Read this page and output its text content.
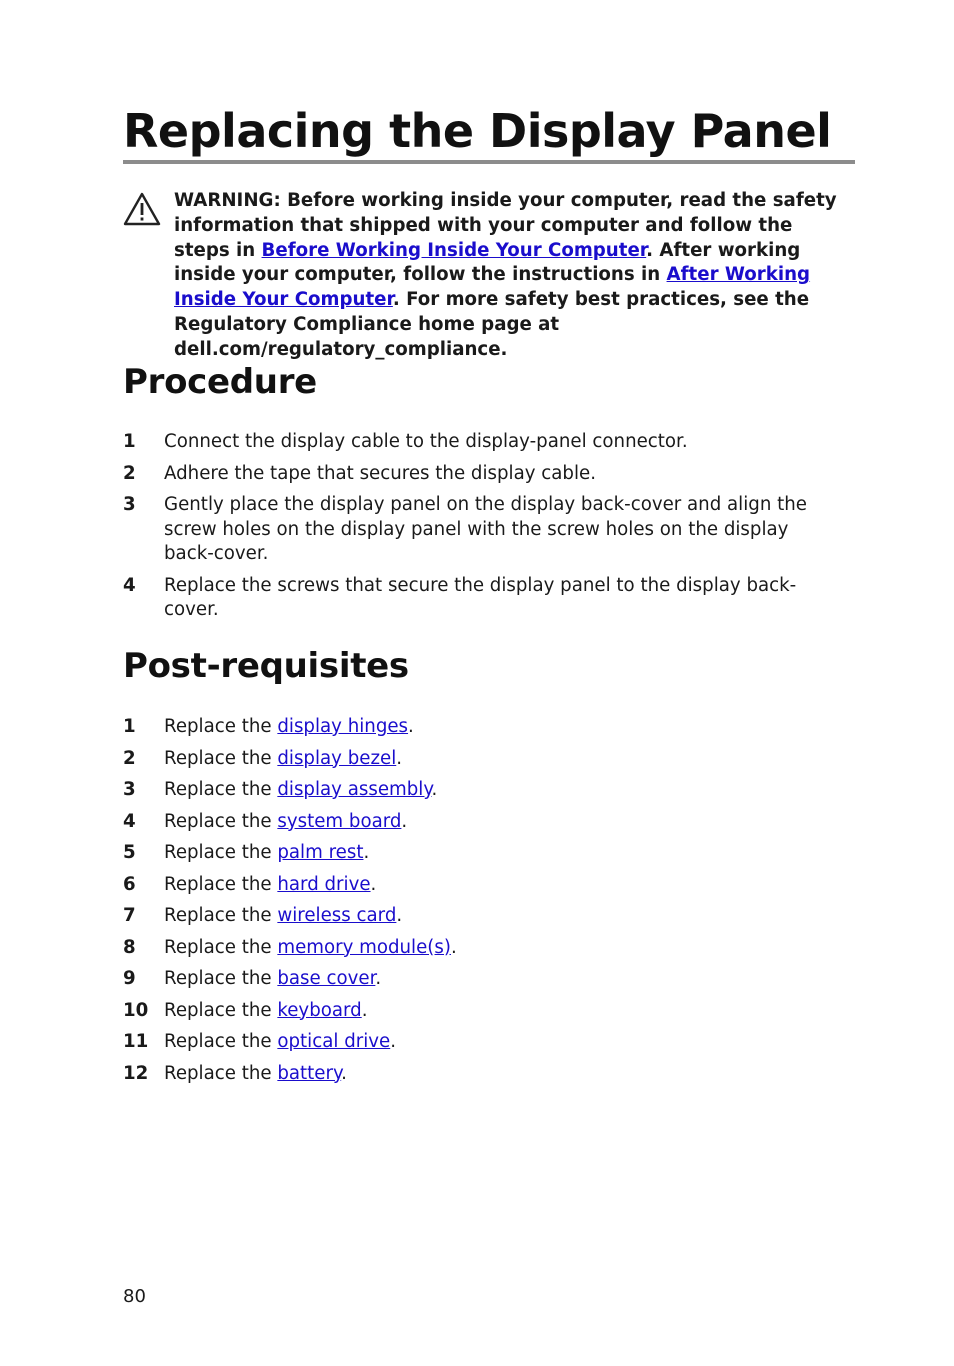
Replacing the Display Panel
WARNING: Before working inside your computer, read the safety information that shipped with your computer and follow the steps in Before Working Inside Your Computer. After working inside your computer, follow the instructions in After Working Inside Your Computer. For more safety best practices, see the Regulatory Compliance home page at dell.com/regulatory_compliance.
Procedure
1 Connect the display cable to the display-panel connector.
2 Adhere the tape that secures the display cable.
3 Gently place the display panel on the display back-cover and align the screw holes on the display panel with the screw holes on the display back-cover.
4 Replace the screws that secure the display panel to the display back-cover.
Post-requisites
1 Replace the display hinges.
2 Replace the display bezel.
3 Replace the display assembly.
4 Replace the system board.
5 Replace the palm rest.
6 Replace the hard drive.
7 Replace the wireless card.
8 Replace the memory module(s).
9 Replace the base cover.
10 Replace the keyboard.
11 Replace the optical drive.
12 Replace the battery.
80
